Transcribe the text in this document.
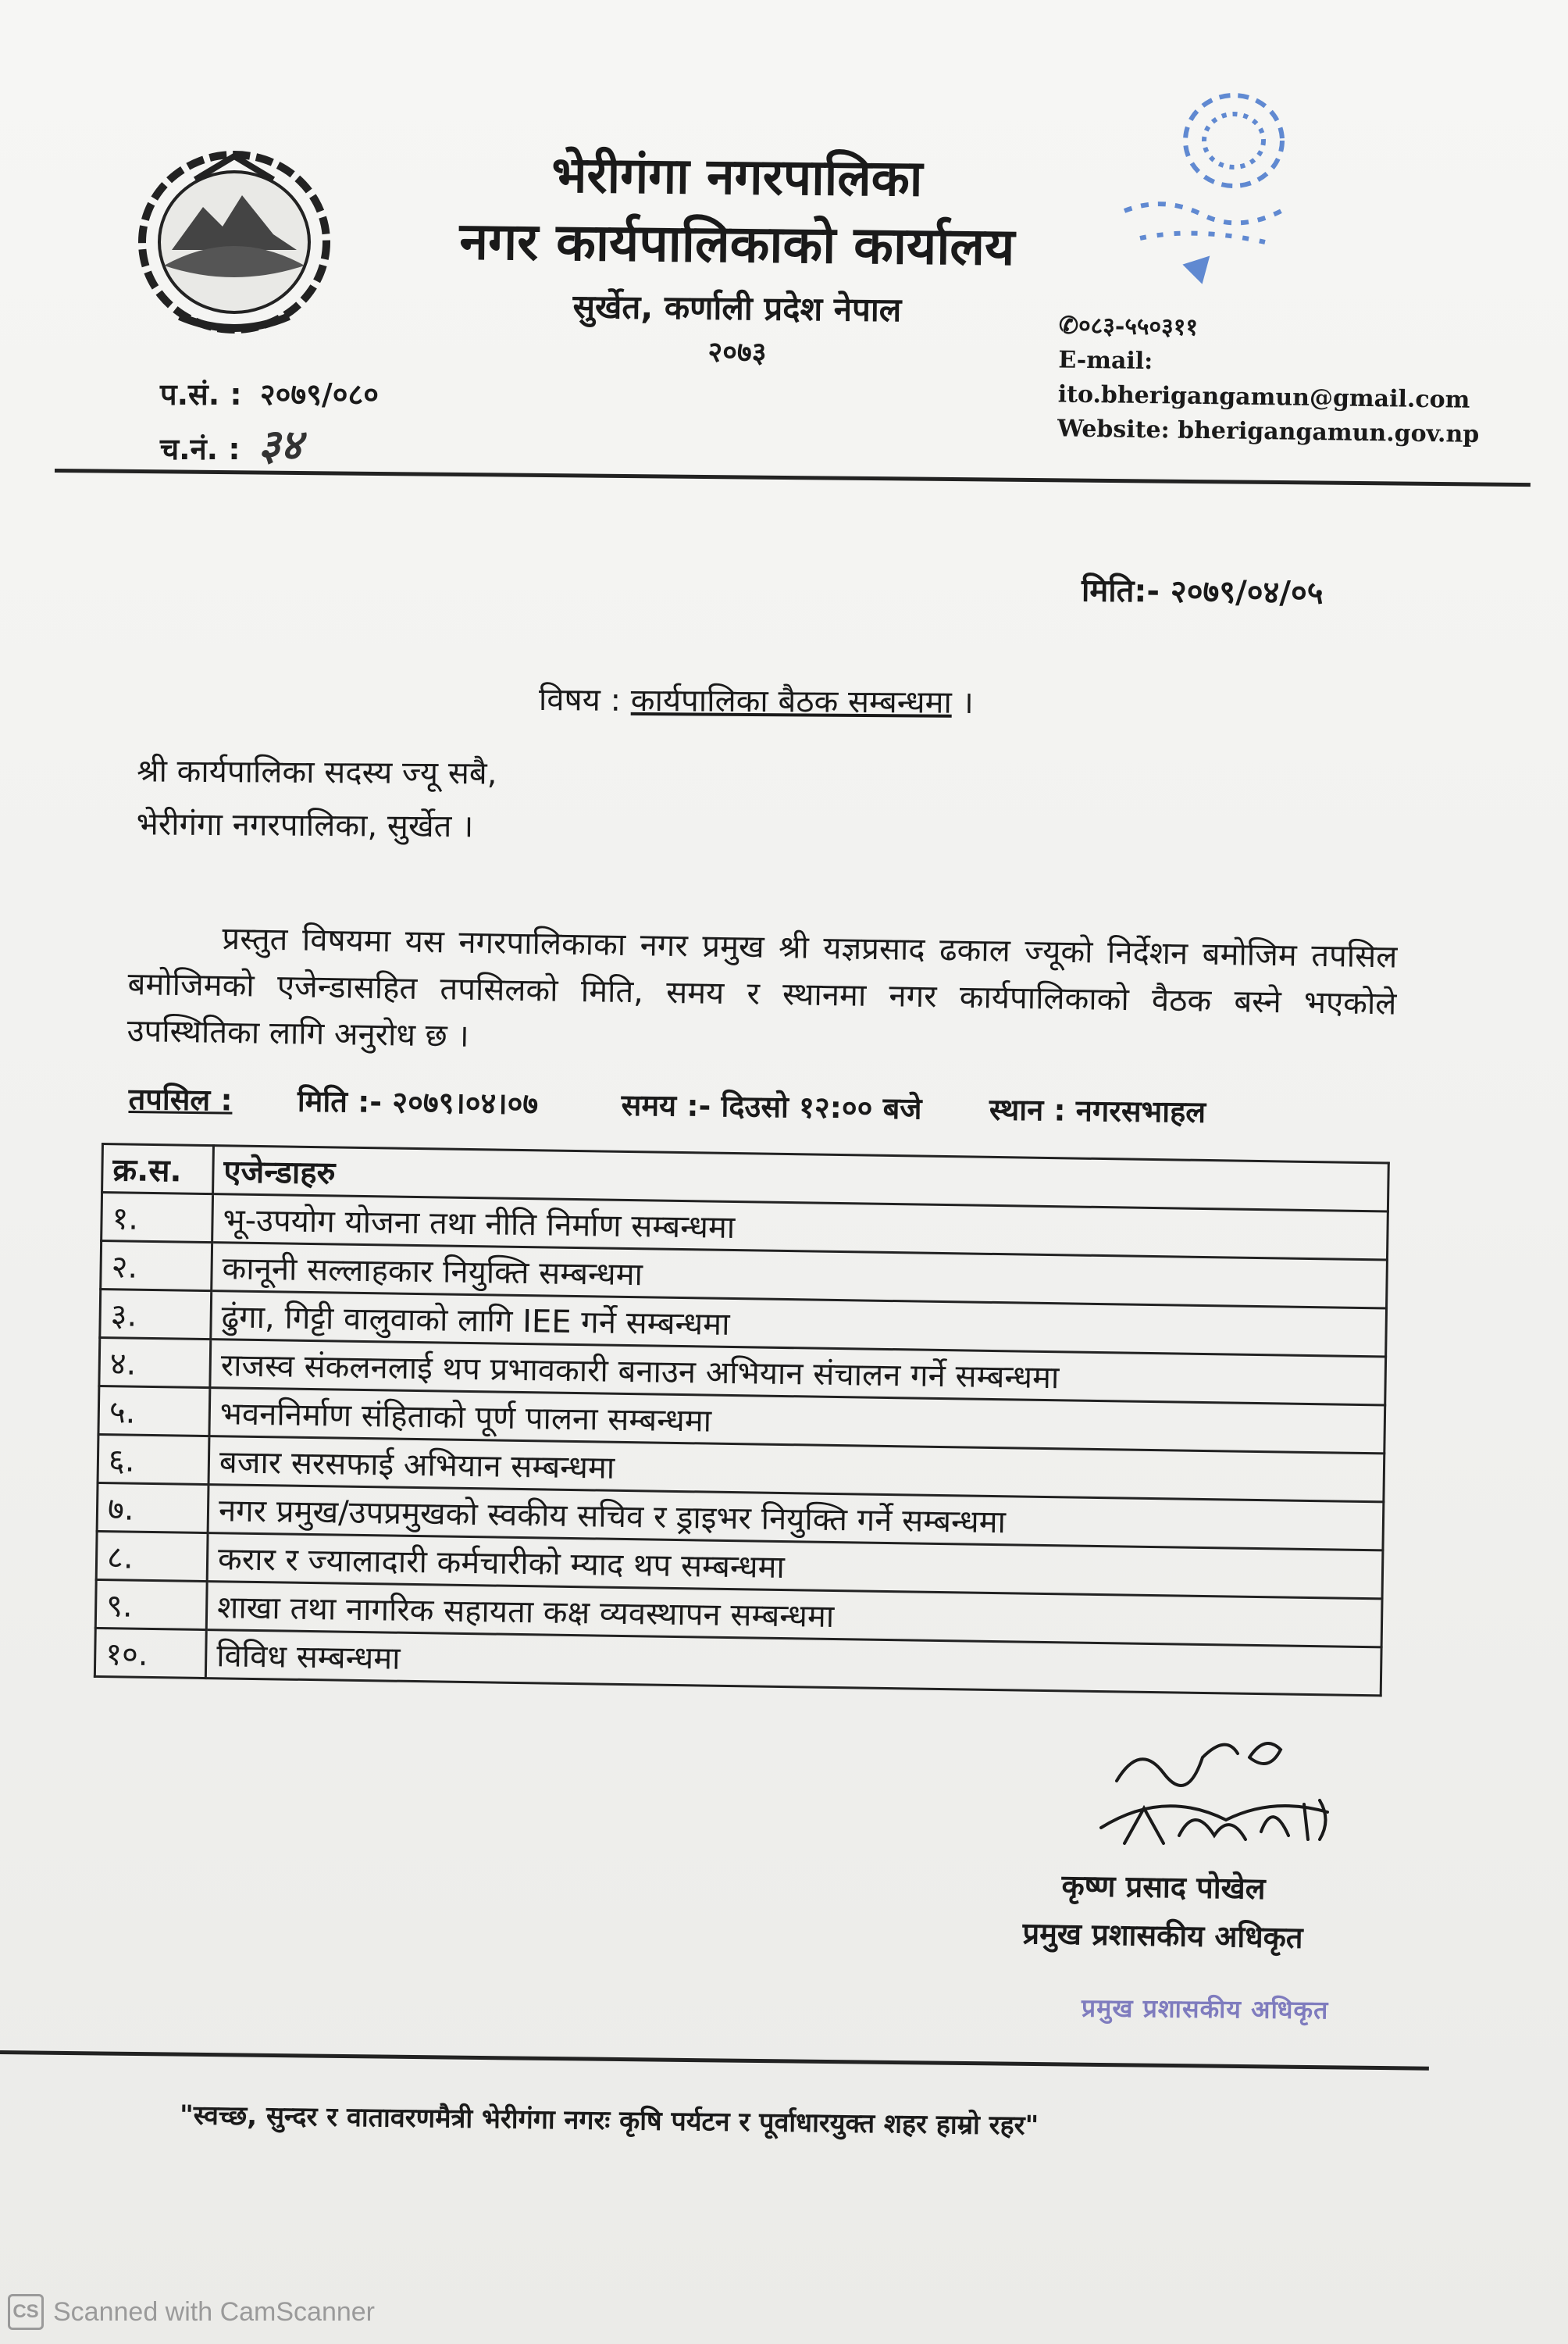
भेरीगंगा नगरपालिका
नगर कार्यपालिकाको कार्यालय
सुर्खेत, कर्णाली प्रदेश नेपाल
२०७३
✆०८३-५५०३११
E-mail: ito.bherigangamun@gmail.com
Website: bherigangamun.gov.np
प.सं. : २०७९/०८०
च.नं. : ३४
मिति:- २०७९/०४/०५
विषय : कार्यपालिका बैठक सम्बन्धमा ।
श्री कार्यपालिका सदस्य ज्यू सबै,
भेरीगंगा नगरपालिका, सुर्खेत ।
प्रस्तुत विषयमा यस नगरपालिकाका नगर प्रमुख श्री यज्ञप्रसाद ढकाल ज्यूको निर्देशन बमोजिम तपसिल बमोजिमको एजेन्डासहित तपसिलको मिति, समय र स्थानमा नगर कार्यपालिकाको वैठक बस्ने भएकोले उपस्थितिका लागि अनुरोध छ ।
तपसिल : मिति :- २०७९।०४।०७	समय :- दिउसो १२:०० बजे स्थान : नगरसभाहल
क्र.स.	एजेन्डाहरु
१.	भू-उपयोग योजना तथा नीति निर्माण सम्बन्धमा
२.	कानूनी सल्लाहकार नियुक्ति सम्बन्धमा
३.	ढुंगा, गिट्टी वालुवाको लागि IEE गर्ने सम्बन्धमा
४.	राजस्व संकलनलाई थप प्रभावकारी बनाउन अभियान संचालन गर्ने सम्बन्धमा
५.	भवननिर्माण संहिताको पूर्ण पालना सम्बन्धमा
६.	बजार सरसफाई अभियान सम्बन्धमा
७.	नगर प्रमुख/उपप्रमुखको स्वकीय सचिव र ड्राइभर नियुक्ति गर्ने सम्बन्धमा
८.	करार र ज्यालादारी कर्मचारीको म्याद थप सम्बन्धमा
९.	शाखा तथा नागरिक सहायता कक्ष व्यवस्थापन सम्बन्धमा
१०.	विविध सम्बन्धमा
कृष्ण प्रसाद पोखेल
प्रमुख प्रशासकीय अधिकृत
प्रमुख प्रशासकीय अधिकृत
"स्वच्छ, सुन्दर र वातावरणमैत्री भेरीगंगा नगरः कृषि पर्यटन र पूर्वाधारयुक्त शहर हाम्रो रहर"
CS Scanned with CamScanner
